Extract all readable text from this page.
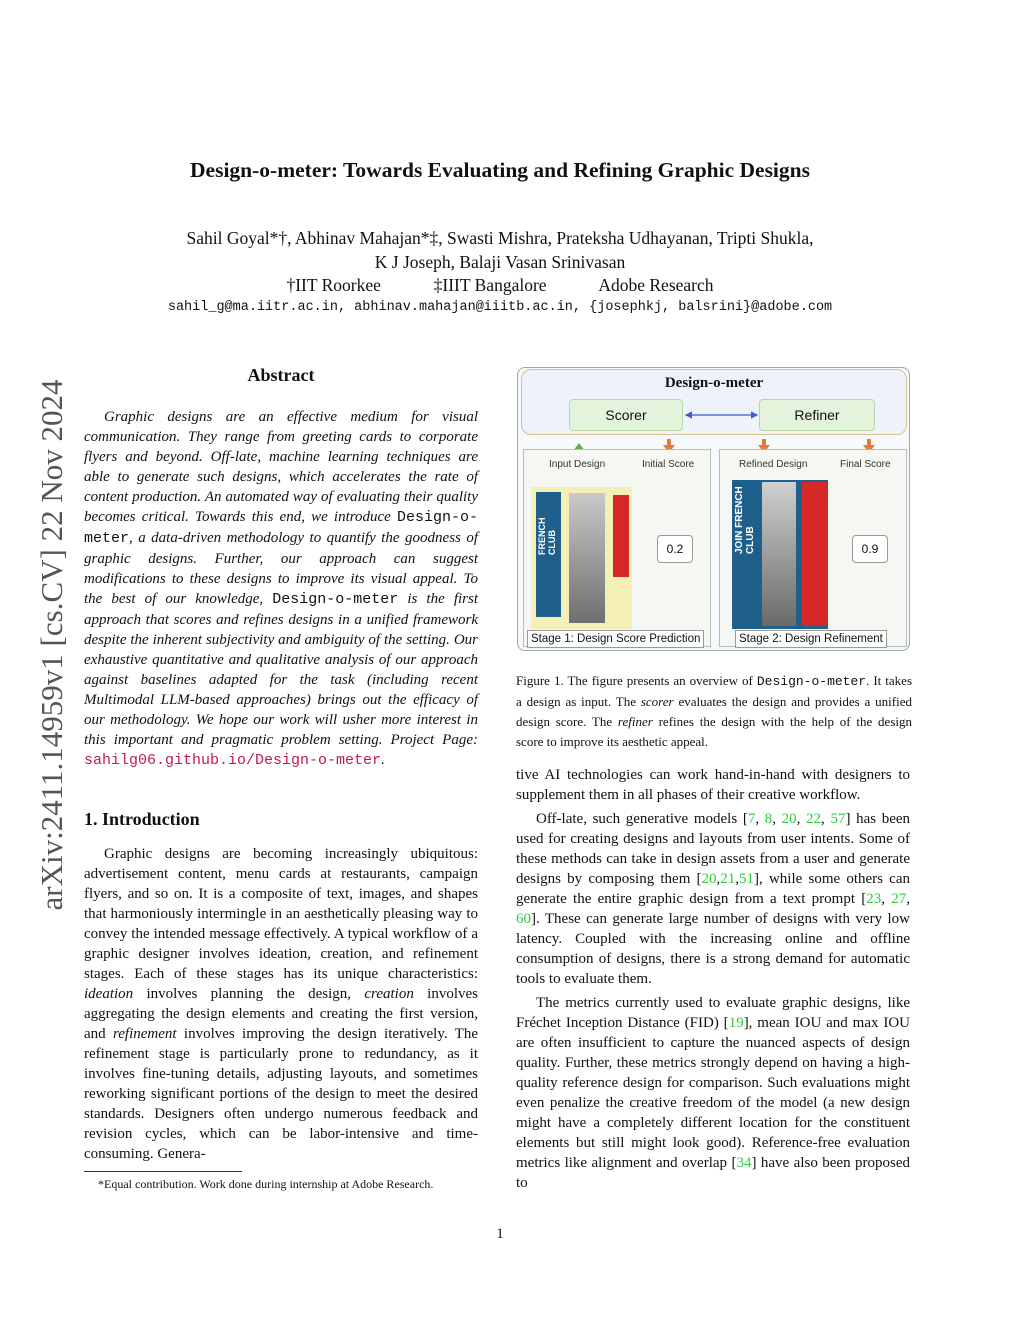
arXiv:2411.14959v1 [cs.CV] 22 Nov 2024
Design-o-meter: Towards Evaluating and Refining Graphic Designs
Sahil Goyal*†, Abhinav Mahajan*‡, Swasti Mishra, Prateksha Udhayanan, Tripti Shukla,
K J Joseph, Balaji Vasan Srinivasan
†IIT Roorkee	‡IIIT Bangalore	Adobe Research
sahil_g@ma.iitr.ac.in, abhinav.mahajan@iiitb.ac.in, {josephkj, balsrini}@adobe.com
Abstract
Graphic designs are an effective medium for visual communication. They range from greeting cards to corporate flyers and beyond. Off-late, machine learning techniques are able to generate such designs, which accelerates the rate of content production. An automated way of evaluating their quality becomes critical. Towards this end, we introduce Design-o-meter, a data-driven methodology to quantify the goodness of graphic designs. Further, our approach can suggest modifications to these designs to improve its visual appeal. To the best of our knowledge, Design-o-meter is the first approach that scores and refines designs in a unified framework despite the inherent subjectivity and ambiguity of the setting. Our exhaustive quantitative and qualitative analysis of our approach against baselines adapted for the task (including recent Multimodal LLM-based approaches) brings out the efficacy of our methodology. We hope our work will usher more interest in this important and pragmatic problem setting. Project Page: sahilg06.github.io/Design-o-meter.
1. Introduction

Graphic designs are becoming increasingly ubiquitous: advertisement content, menu cards at restaurants, campaign flyers, and so on. It is a composite of text, images, and shapes that harmoniously intermingle in an aesthetically pleasing way to convey the intended message effectively. A typical workflow of a graphic designer involves ideation, creation, and refinement stages. Each of these stages has its unique characteristics: ideation involves planning the design, creation involves aggregating the design elements and creating the first version, and refinement involves improving the design iteratively. The refinement stage is particularly prone to redundancy, as it involves fine-tuning details, adjusting layouts, and sometimes reworking significant portions of the design to meet the desired standards. Designers often undergo numerous feedback and revision cycles, which can be labor-intensive and time-consuming. Genera-

*Equal contribution. Work done during internship at Adobe Research.
Design-o-meter
Scorer	Refiner
Input Design	Initial Score
FRENCH CLUB	0.2
Stage 1: Design Score Prediction
Refined Design	Final Score
JOIN FRENCH CLUB	0.9
Stage 2: Design Refinement
Figure 1. The figure presents an overview of Design-o-meter. It takes a design as input. The scorer evaluates the design and provides a unified design score. The refiner refines the design with the help of the design score to improve its aesthetic appeal.

tive AI technologies can work hand-in-hand with designers to supplement them in all phases of their creative workflow.

Off-late, such generative models [7, 8, 20, 22, 57] has been used for creating designs and layouts from user intents. Some of these methods can take in design assets from a user and generate designs by composing them [20,21,51], while some others can generate the entire graphic design from a text prompt [23, 27, 60]. These can generate large number of designs with very low latency. Coupled with the increasing online and offline consumption of designs, there is a strong demand for automatic tools to evaluate them.

The metrics currently used to evaluate graphic designs, like Fréchet Inception Distance (FID) [19], mean IOU and max IOU are often insufficient to capture the nuanced aspects of design quality. Further, these metrics strongly depend on having a high-quality reference design for comparison. Such evaluations might even penalize the creative freedom of the model (a new design might have a completely different location for the constituent elements but still might look good). Reference-free evaluation metrics like alignment and overlap [34] have also been proposed to

1
